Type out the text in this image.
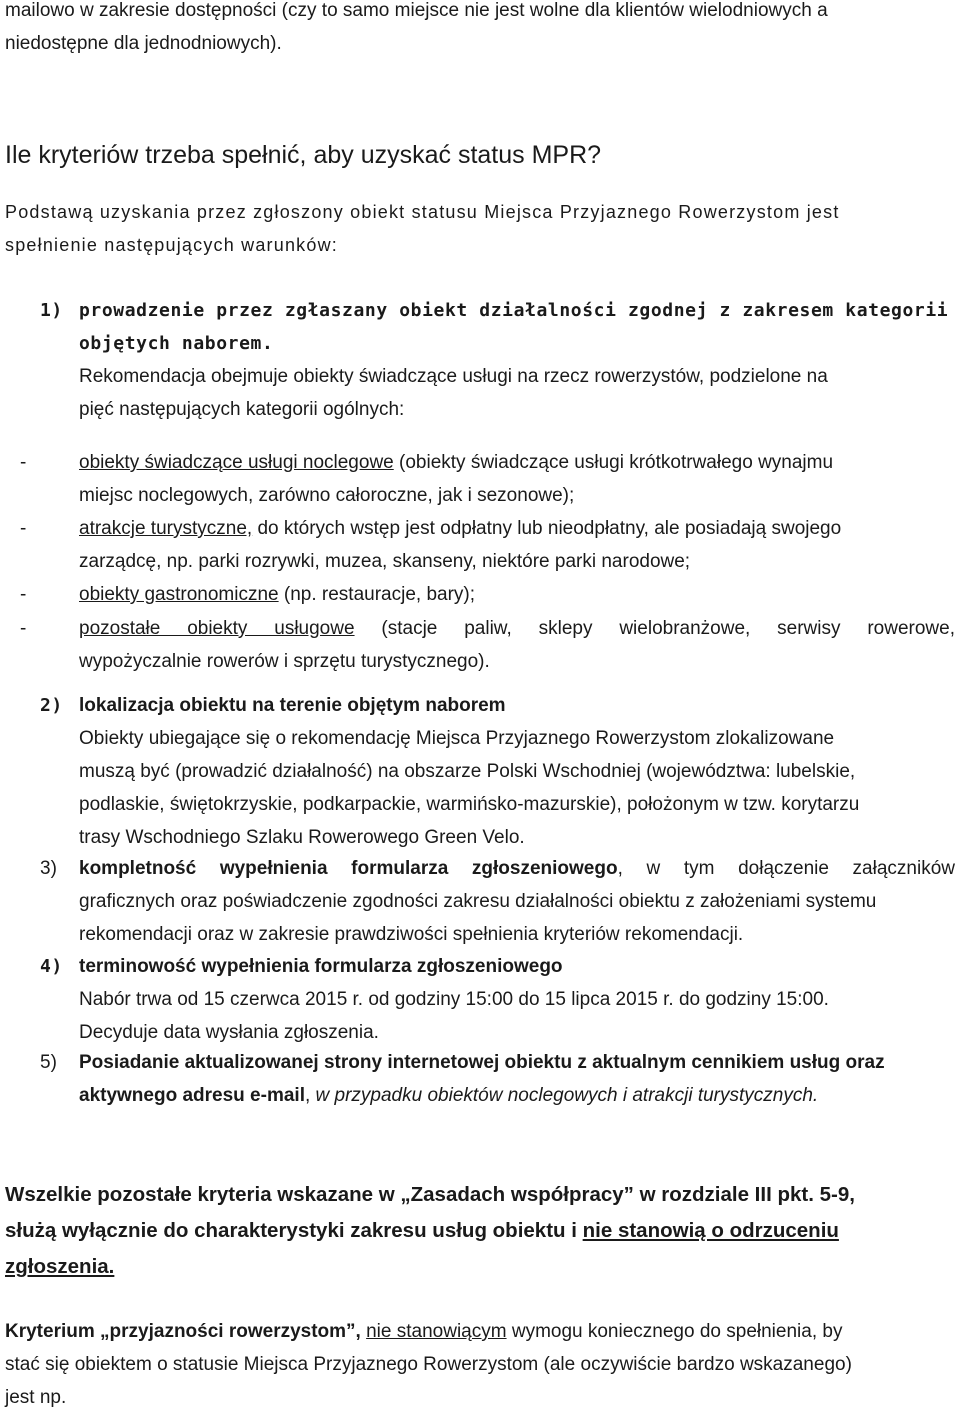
mailowo w zakresie dostępności (czy to samo miejsce nie jest wolne dla klientów wielodniowych a
niedostępne dla jednodniowych).
Ile kryteriów trzeba spełnić, aby uzyskać status MPR?
Podstawą uzyskania przez zgłoszony obiekt statusu Miejsca Przyjaznego Rowerzystom jest
spełnienie następujących warunków:
1) prowadzenie przez zgłaszany obiekt działalności zgodnej z zakresem kategorii
objętych naborem.
Rekomendacja obejmuje obiekty świadczące usługi na rzecz rowerzystów, podzielone na
pięć następujących kategorii ogólnych:
-	obiekty świadczące usługi noclegowe (obiekty świadczące usługi krótkotrwałego wynajmu
miejsc noclegowych, zarówno całoroczne, jak i sezonowe);
-	atrakcje turystyczne, do których wstęp jest odpłatny lub nieodpłatny, ale posiadają swojego
zarządcę, np. parki rozrywki, muzea, skanseny, niektóre parki narodowe;
-	obiekty gastronomiczne (np. restauracje, bary);
-	pozostałe obiekty usługowe (stacje paliw, sklepy wielobranżowe, serwisy rowerowe,
wypożyczalnie rowerów i sprzętu turystycznego).
2) lokalizacja obiektu na terenie objętym naborem
Obiekty ubiegające się o rekomendację Miejsca Przyjaznego Rowerzystom zlokalizowane
muszą być (prowadzić działalność) na obszarze Polski Wschodniej (województwa: lubelskie,
podlaskie, świętokrzyskie, podkarpackie, warmińsko-mazurskie), położonym w tzw. korytarzu
trasy Wschodniego Szlaku Rowerowego Green Velo.
3) kompletność wypełnienia formularza zgłoszeniowego, w tym dołączenie załączników
graficznych oraz poświadczenie zgodności zakresu działalności obiektu z założeniami systemu
rekomendacji oraz w zakresie prawdziwości spełnienia kryteriów rekomendacji.
4) terminowość wypełnienia formularza zgłoszeniowego
Nabór trwa od 15 czerwca 2015 r. od godziny 15:00 do 15 lipca 2015 r. do godziny 15:00.
Decyduje data wysłania zgłoszenia.
5) Posiadanie aktualizowanej strony internetowej obiektu z aktualnym cennikiem usług oraz
aktywnego adresu e-mail, w przypadku obiektów noclegowych i atrakcji turystycznych.
Wszelkie pozostałe kryteria wskazane w „Zasadach współpracy” w rozdziale III pkt. 5-9,
służą wyłącznie do charakterystyki zakresu usług obiektu i nie stanowią o odrzuceniu
zgłoszenia.
Kryterium „przyjazności rowerzystom”, nie stanowiącym wymogu koniecznego do spełnienia, by
stać się obiektem o statusie Miejsca Przyjaznego Rowerzystom (ale oczywiście bardzo wskazanego)
jest np.
